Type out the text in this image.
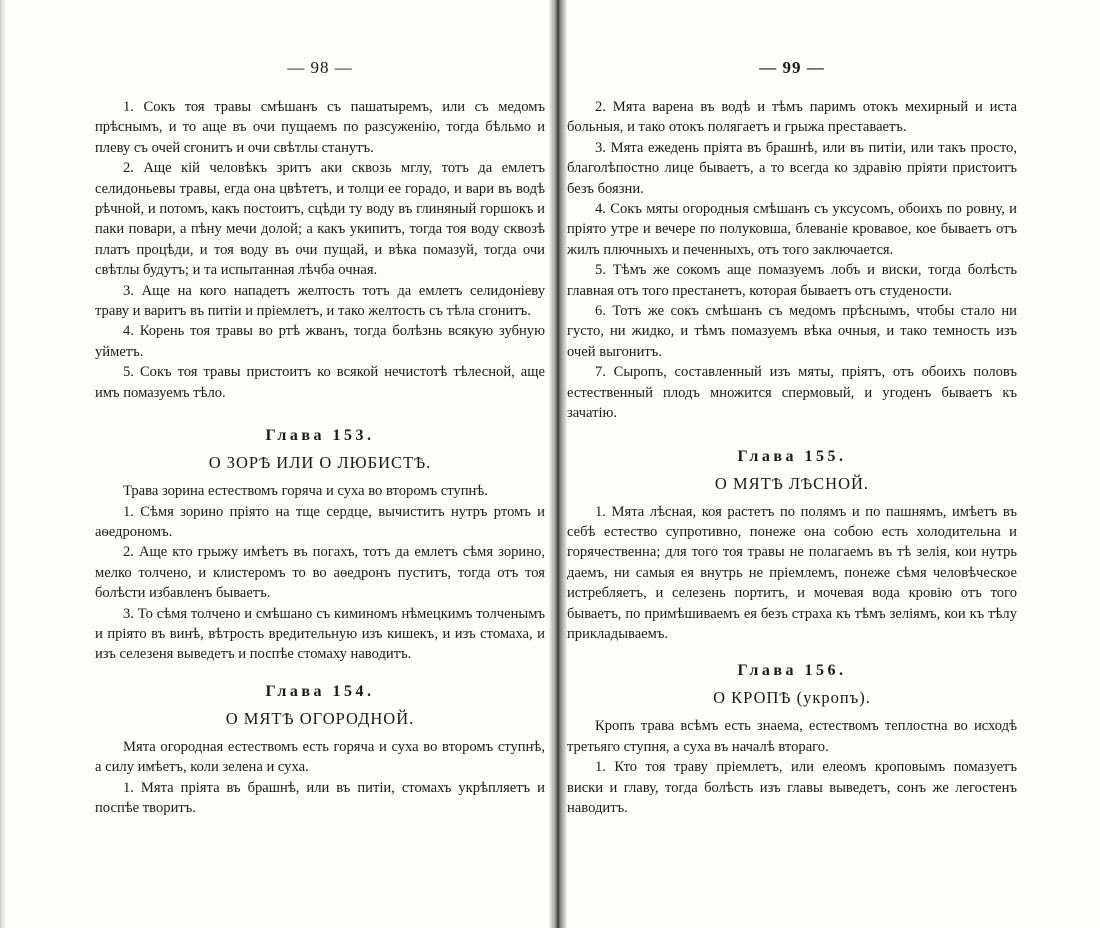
— 98 —

1. Сокъ тоя травы смѣшанъ съ пашатыремъ, или съ медомъ прѣснымъ, и то аще въ очи пущаемъ по разсуженію, тогда бѣльмо и плеву съ очей сгонитъ и очи свѣтлы станутъ.

2. Аще кій человѣкъ зритъ аки сквозь мглу, тотъ да емлетъ селидоньевы травы, егда она цвѣтетъ, и толци ее горадо, и вари въ водѣ рѣчной, и потомъ, какъ постоитъ, сцѣди ту воду въ глиняный горшокъ и паки повари, а пѣну мечи долой; а какъ укипитъ, тогда тоя воду сквозѣ платъ процѣди, и тоя воду въ очи пущай, и вѣка помазуй, тогда очи свѣтлы будутъ; и та испытанная лѣчба очная.

3. Аще на кого нападетъ желтость тотъ да емлетъ селидоніеву траву и варитъ въ питіи и пріемлетъ, и тако желтость съ тѣла сгонитъ.

4. Корень тоя травы во ртѣ жванъ, тогда болѣзнь всякую зубную уйметъ.

5. Сокъ тоя травы пристоитъ ко всякой нечистотѣ тѣлесной, аще имъ помазуемъ тѣло.

Глава 153.
О ЗОРѢ ИЛИ О ЛЮБИСТѢ.

Трава зорина естествомъ горяча и суха во второмъ ступнѣ.

1. Сѣмя зорино пріято на тще сердце, вычиститъ нутръ ртомъ и аѳедрономъ.

2. Аще кто грыжу имѣетъ въ погахъ, тотъ да емлетъ сѣмя зорино, мелко толчено, и клистеромъ то во аѳедронъ пуститъ, тогда отъ тоя болѣсти избавленъ бываетъ.

3. То сѣмя толчено и смѣшано съ киминомъ нѣмецкимъ толченымъ и пріято въ винѣ, вѣтрость вредительную изъ кишекъ, и изъ стомаха, и изъ селезеня выведетъ и поспѣе стомаху наводитъ.

Глава 154.
О МЯТѢ ОГОРОДНОЙ.

Мята огородная естествомъ есть горяча и суха во второмъ ступнѣ, а силу имѣетъ, коли зелена и суха.

1. Мята пріята въ брашнѣ, или въ питіи, стомахъ укрѣпляетъ и поспѣе творитъ.

— 99 —

2. Мята варена въ водѣ и тѣмъ паримъ отокъ мехирный и иста больныя, и тако отокъ полягаетъ и грыжа преставаетъ.

3. Мята ежедень пріята въ брашнѣ, или въ питіи, или такъ просто, благолѣпостно лице бываетъ, а то всегда ко здравію пріяти пристоитъ безъ боязни.

4. Сокъ мяты огородныя смѣшанъ съ уксусомъ, обоихъ по ровну, и пріято утре и вечере по полуковша, блеваніе кровавое, кое бываетъ отъ жилъ плючныхъ и печенныхъ, отъ того заключается.

5. Тѣмъ же сокомъ аще помазуемъ лобъ и виски, тогда болѣсть главная отъ того престанетъ, которая бываетъ отъ студености.

6. Тотъ же сокъ смѣшанъ съ медомъ прѣснымъ, чтобы стало ни густо, ни жидко, и тѣмъ помазуемъ вѣка очныя, и тако темность изъ очей выгонитъ.

7. Сыропъ, составленный изъ мяты, пріятъ, отъ обоихъ половъ естественный плодъ множится спермовый, и угоденъ бываетъ къ зачатію.

Глава 155.
О МЯТѢ ЛѢСНОЙ.

1. Мята лѣсная, коя растетъ по полямъ и по пашнямъ, имѣетъ въ себѣ естество супротивно, понеже она собою есть холодительна и горячественна; для того тоя травы не полагаемъ въ тѣ зелія, кои нутрь даемъ, ни самыя ея внутрь не пріемлемъ, понеже сѣмя человѣческое истребляетъ, и селезень портитъ, и мочевая вода кровію отъ того бываетъ, по примѣшиваемъ ея безъ страха къ тѣмъ зеліямъ, кои къ тѣлу прикладываемъ.

Глава 156.
О КРОПѢ (укропъ).

Кропъ трава всѣмъ есть знаема, естествомъ теплостна во исходѣ третьяго ступня, а суха въ началѣ втораго.

1. Кто тоя траву пріемлетъ, или елеомъ кроповымъ помазуетъ виски и главу, тогда болѣсть изъ главы выведетъ, сонъ же легостенъ наводитъ.
